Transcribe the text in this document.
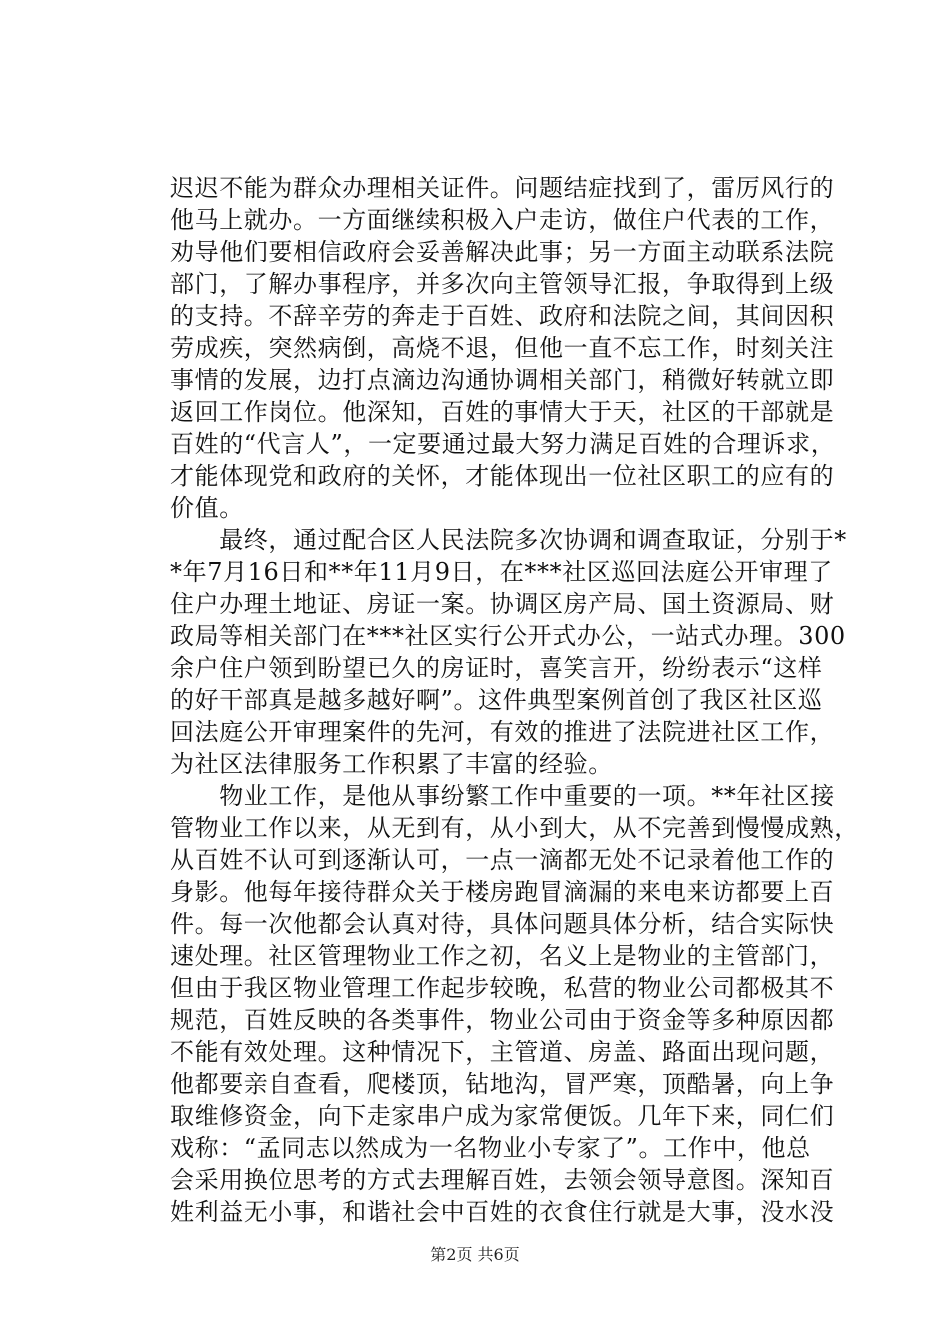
迟迟不能为群众办理相关证件。问题结症找到了，雷厉风行的
他马上就办。一方面继续积极入户走访，做住户代表的工作，
劝导他们要相信政府会妥善解决此事；另一方面主动联系法院
部门，了解办事程序，并多次向主管领导汇报，争取得到上级
的支持。不辞辛劳的奔走于百姓、政府和法院之间，其间因积
劳成疾，突然病倒，高烧不退，但他一直不忘工作，时刻关注
事情的发展，边打点滴边沟通协调相关部门，稍微好转就立即
返回工作岗位。他深知，百姓的事情大于天，社区的干部就是
百姓的“代言人”，一定要通过最大努力满足百姓的合理诉求，
才能体现党和政府的关怀，才能体现出一位社区职工的应有的
价值。
　　最终，通过配合区人民法院多次协调和调查取证，分别于*
*年7月16日和**年11月9日，在***社区巡回法庭公开审理了
住户办理土地证、房证一案。协调区房产局、国土资源局、财
政局等相关部门在***社区实行公开式办公，一站式办理。300
余户住户领到盼望已久的房证时，喜笑言开，纷纷表示“这样
的好干部真是越多越好啊”。这件典型案例首创了我区社区巡
回法庭公开审理案件的先河，有效的推进了法院进社区工作，
为社区法律服务工作积累了丰富的经验。
　　物业工作，是他从事纷繁工作中重要的一项。**年社区接
管物业工作以来，从无到有，从小到大，从不完善到慢慢成熟，
从百姓不认可到逐渐认可，一点一滴都无处不记录着他工作的
身影。他每年接待群众关于楼房跑冒滴漏的来电来访都要上百
件。每一次他都会认真对待，具体问题具体分析，结合实际快
速处理。社区管理物业工作之初，名义上是物业的主管部门，
但由于我区物业管理工作起步较晚，私营的物业公司都极其不
规范，百姓反映的各类事件，物业公司由于资金等多种原因都
不能有效处理。这种情况下，主管道、房盖、路面出现问题，
他都要亲自查看，爬楼顶，钻地沟，冒严寒，顶酷暑，向上争
取维修资金，向下走家串户成为家常便饭。几年下来，同仁们
戏称：“孟同志以然成为一名物业小专家了”。工作中，他总
会采用换位思考的方式去理解百姓，去领会领导意图。深知百
姓利益无小事，和谐社会中百姓的衣食住行就是大事，没水没
第2页 共6页
